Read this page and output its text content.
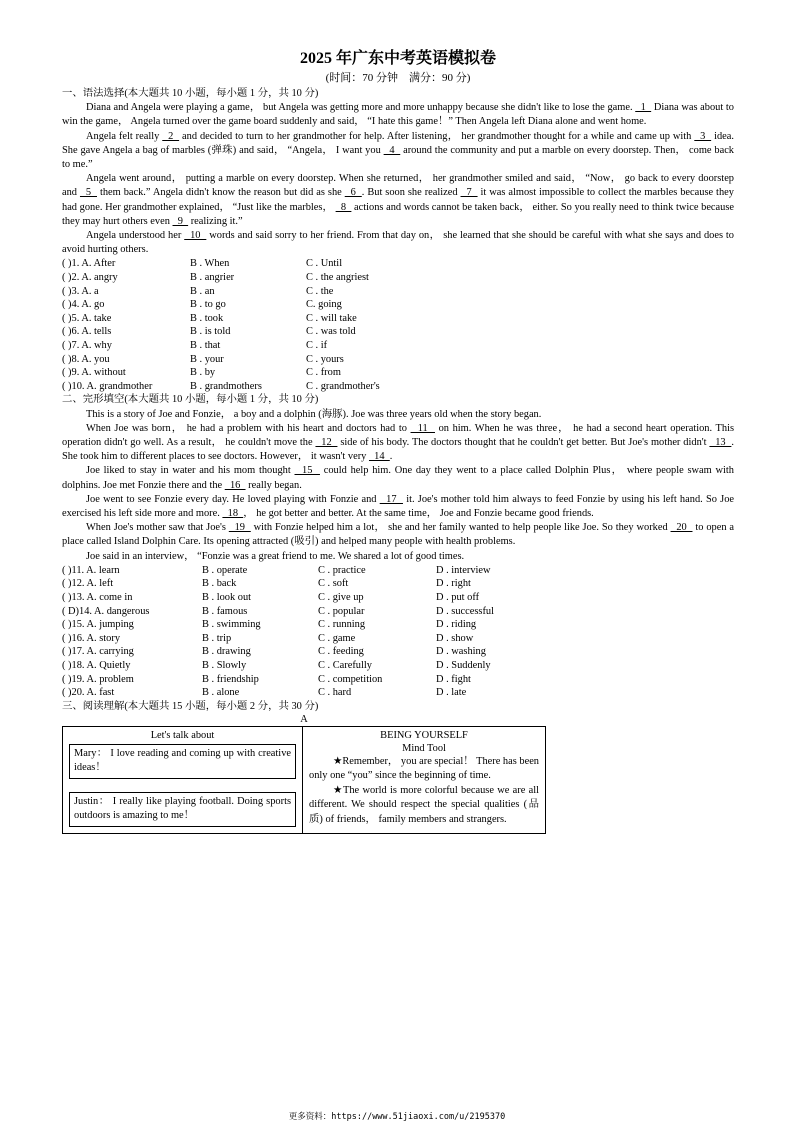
2025 年广东中考英语模拟卷
(时间：70 分钟　满分：90 分)
一、语法选择(本大题共 10 小题，每小题 1 分，共 10 分)

Diana and Angela were playing a game， but Angela was getting more and more unhappy because she didn't like to lose the game.   1   Diana was about to win the game， Angela turned over the game board suddenly and said， “I hate this game！” Then Angela left Diana alone and went home.

Angela felt really   2   and decided to turn to her grandmother for help. After listening， her grandmother thought for a while and came up with   3   idea. She gave Angela a bag of marbles (弹珠) and said， “Angela， I want you   4   around the community and put a marble on every doorstep. Then， come back to me.”

Angela went around， putting a marble on every doorstep. When she returned， her grandmother smiled and said， “Now， go back to every doorstep and   5   them back.” Angela didn't know the reason but did as she   6  . But soon she realized   7   it was almost impossible to collect the marbles because they had gone. Her grandmother explained， “Just like the marbles，   8   actions and words cannot be taken back， either. So you really need to think twice because they may hurt others even   9   realizing it.”

Angela understood her   10   words and said sorry to her friend. From that day on， she learned that she should be careful with what she says and does to avoid hurting others.

( )1. A. After	B . When	C . Until
( )2. A. angry	B . angrier	C . the angriest
( )3. A. a	B . an	C . the
( )4. A. go	B . to go	C. going
( )5. A. take	B . took	C . will take
( )6. A. tells	B . is told	C . was told
( )7. A. why	B . that	C . if
( )8. A. you	B . your	C . yours
( )9. A. without	B . by	C . from
( )10. A. grandmother	B . grandmothers	C . grandmother's
二、完形填空(本大题共 10 小题，每小题 1 分，共 10 分)

This is a story of Joe and Fonzie， a boy and a dolphin (海豚). Joe was three years old when the story began.

When Joe was born， he had a problem with his heart and doctors had to   11   on him. When he was three， he had a second heart operation. This operation didn't go well. As a result， he couldn't move the   12   side of his body. The doctors thought that he couldn't get better. But Joe's mother didn't   13  . She took him to different places to see doctors. However， it wasn't very   14  .

Joe liked to stay in water and his mom thought   15   could help him. One day they went to a place called Dolphin Plus， where people swam with dolphins. Joe met Fonzie there and the   16   really began.

Joe went to see Fonzie every day. He loved playing with Fonzie and   17   it. Joe's mother told him always to feed Fonzie by using his left hand. So Joe exercised his left side more and more.   18  ， he got better and better. At the same time， Joe and Fonzie became good friends.

When Joe's mother saw that Joe's   19   with Fonzie helped him a lot， she and her family wanted to help people like Joe. So they worked   20   to open a place called Island Dolphin Care. Its opening attracted (吸引) and helped many people with health problems.

Joe said in an interview， “Fonzie was a great friend to me. We shared a lot of good times.

( )11. A. learn	B . operate	C . practice	D . interview
( )12. A. left	B . back	C . soft	D . right
( )13. A. come in	B . look out	C . give up	D . put off
( D)14. A. dangerous	B . famous	C . popular	D . successful
( )15. A. jumping	B . swimming	C . running	D . riding
( )16. A. story	B . trip	C . game	D . show
( )17. A. carrying	B . drawing	C . feeding	D . washing
( )18. A. Quietly	B . Slowly	C . Carefully	D . Suddenly
( )19. A. problem	B . friendship	C . competition	D . fight
( )20. A. fast	B . alone	C . hard	D . late
三、阅读理解(本大题共 15 小题，每小题 2 分，共 30 分)
A
Let's talk about
Mary： I love reading and coming up with creative ideas！
Justin： I really like playing football. Doing sports outdoors is amazing to me！
BEING YOURSELF
Mind Tool

★Remember， you are special！ There has been only one “you” since the beginning of time.

★The world is more colorful because we are all different. We should respect the special qualities (品质) of friends， family members and strangers.

更多资料：https://www.51jiaoxi.com/u/2195370
